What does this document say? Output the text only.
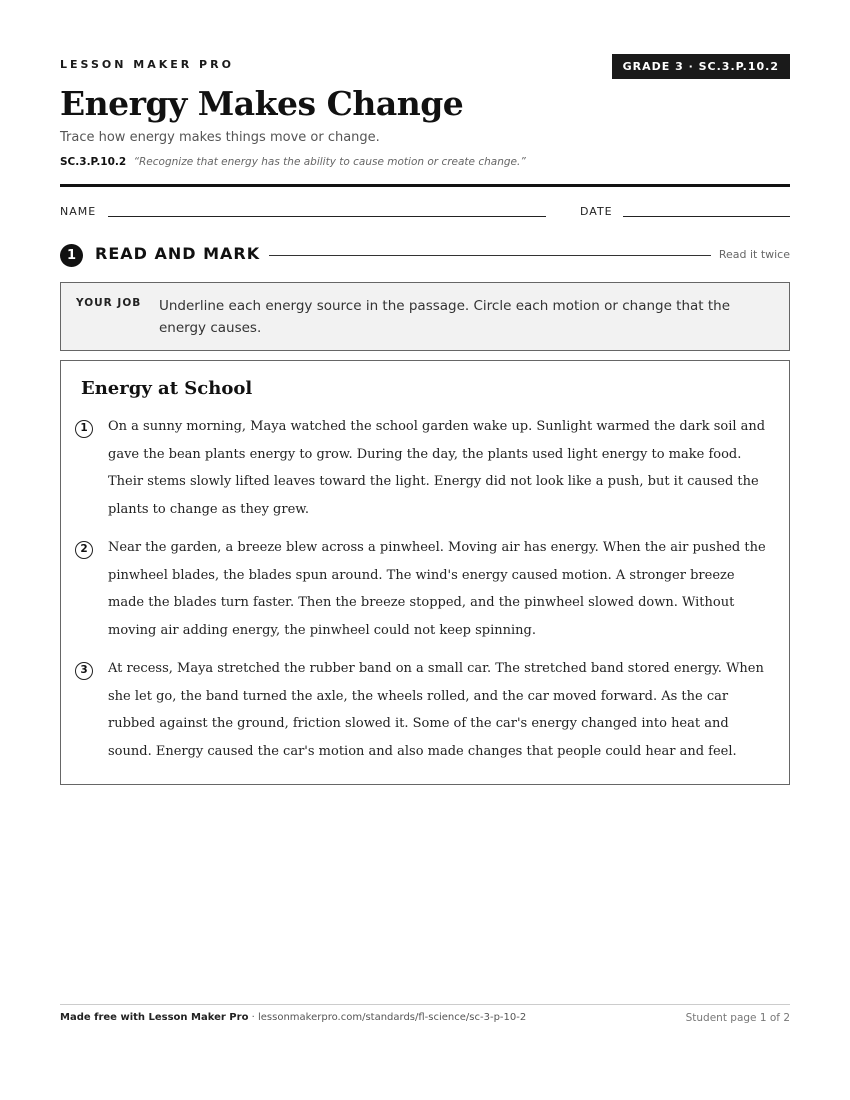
LESSON MAKER PRO	GRADE 3 · SC.3.P.10.2
Energy Makes Change
Trace how energy makes things move or change.
SC.3.P.10.2 “Recognize that energy has the ability to cause motion or create change.”
NAME	DATE
1	READ AND MARK	Read it twice
YOUR JOB Underline each energy source in the passage. Circle each motion or change that the energy causes.
Energy at School
1	On a sunny morning, Maya watched the school garden wake up. Sunlight warmed the dark soil and gave the bean plants energy to grow. During the day, the plants used light energy to make food. Their stems slowly lifted leaves toward the light. Energy did not look like a push, but it caused the plants to change as they grew.
2	Near the garden, a breeze blew across a pinwheel. Moving air has energy. When the air pushed the pinwheel blades, the blades spun around. The wind's energy caused motion. A stronger breeze made the blades turn faster. Then the breeze stopped, and the pinwheel slowed down. Without moving air adding energy, the pinwheel could not keep spinning.
3	At recess, Maya stretched the rubber band on a small car. The stretched band stored energy. When she let go, the band turned the axle, the wheels rolled, and the car moved forward. As the car rubbed against the ground, friction slowed it. Some of the car's energy changed into heat and sound. Energy caused the car's motion and also made changes that people could hear and feel.
Made free with Lesson Maker Pro · lessonmakerpro.com/standards/fl-science/sc-3-p-10-2	Student page 1 of 2
